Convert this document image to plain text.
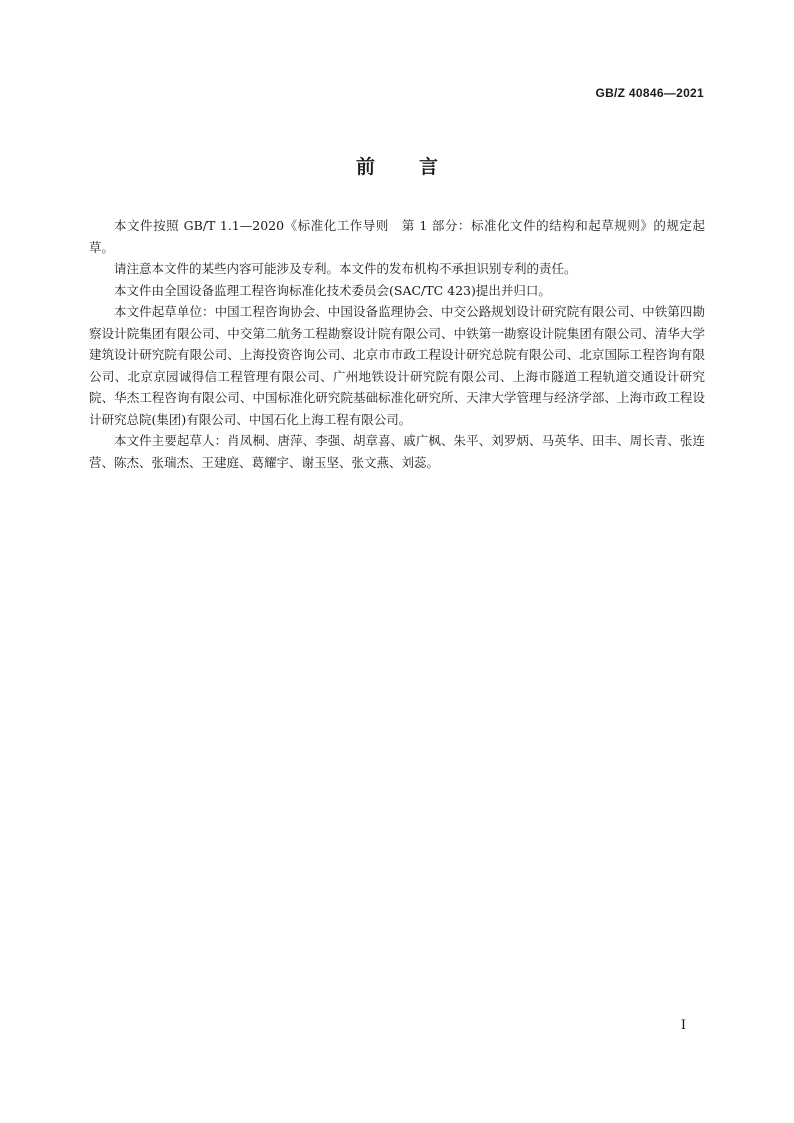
GB/Z 40846—2021
前言

本文件按照 GB/T 1.1—2020《标准化工作导则　第 1 部分：标准化文件的结构和起草规则》的规定起草。

请注意本文件的某些内容可能涉及专利。本文件的发布机构不承担识别专利的责任。

本文件由全国设备监理工程咨询标准化技术委员会(SAC/TC 423)提出并归口。

本文件起草单位：中国工程咨询协会、中国设备监理协会、中交公路规划设计研究院有限公司、中铁第四勘察设计院集团有限公司、中交第二航务工程勘察设计院有限公司、中铁第一勘察设计院集团有限公司、清华大学建筑设计研究院有限公司、上海投资咨询公司、北京市市政工程设计研究总院有限公司、北京国际工程咨询有限公司、北京京园诚得信工程管理有限公司、广州地铁设计研究院有限公司、上海市隧道工程轨道交通设计研究院、华杰工程咨询有限公司、中国标准化研究院基础标准化研究所、天津大学管理与经济学部、上海市政工程设计研究总院(集团)有限公司、中国石化上海工程有限公司。

本文件主要起草人：肖凤桐、唐萍、李强、胡章喜、戚广枫、朱平、刘罗炳、马英华、田丰、周长青、张连营、陈杰、张瑞杰、王建庭、葛耀宇、谢玉坚、张文燕、刘蕊。

I
